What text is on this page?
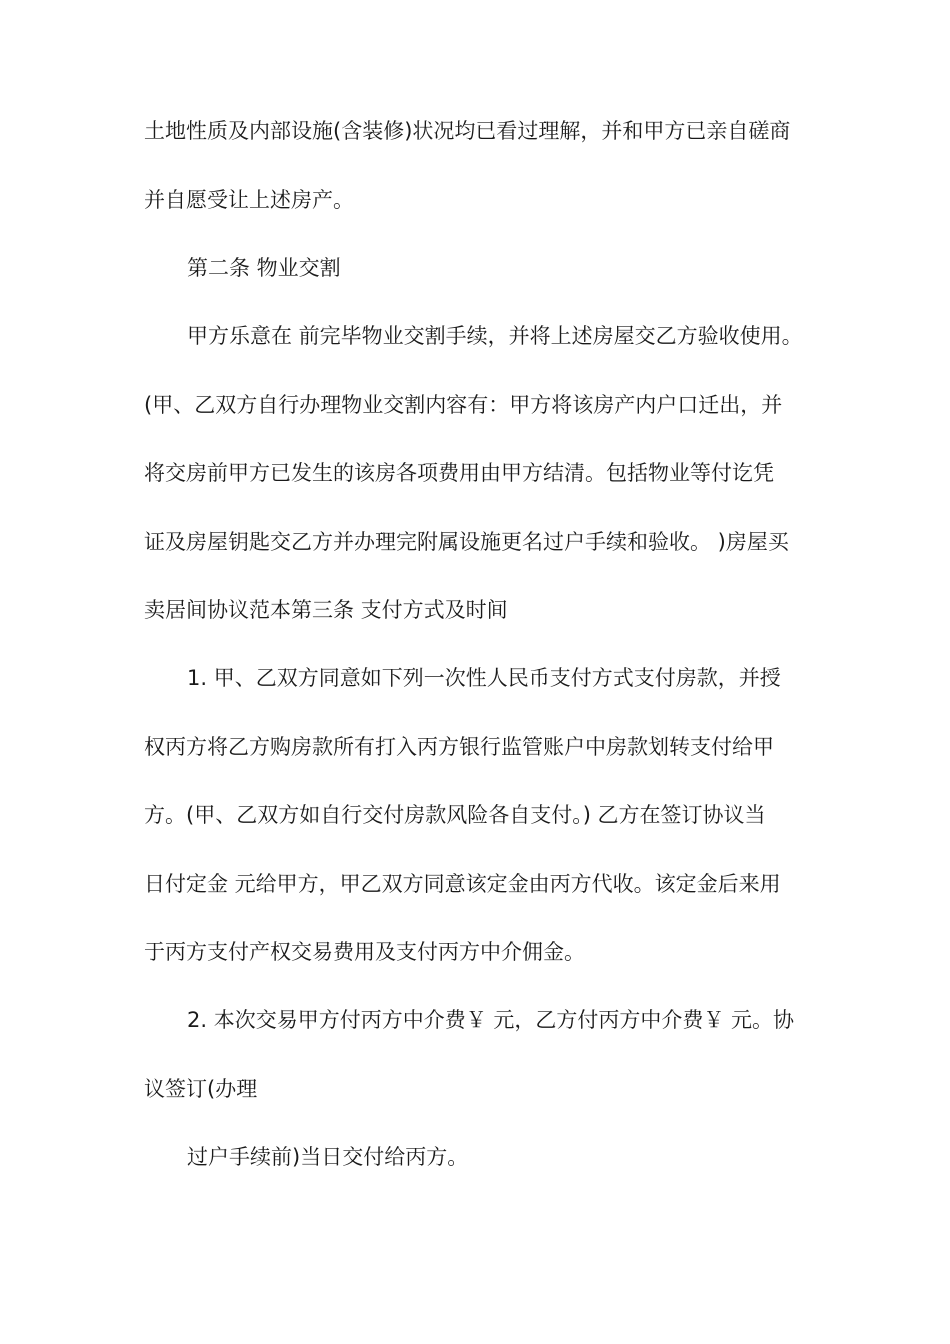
土地性质及内部设施(含装修)状况均已看过理解，并和甲方已亲自磋商
并自愿受让上述房产。
第二条 物业交割
甲方乐意在 前完毕物业交割手续，并将上述房屋交乙方验收使用。
(甲、乙双方自行办理物业交割内容有：甲方将该房产内户口迁出，并
将交房前甲方已发生的该房各项费用由甲方结清。包括物业等付讫凭
证及房屋钥匙交乙方并办理完附属设施更名过户手续和验收。 )房屋买
卖居间协议范本第三条 支付方式及时间
1. 甲、乙双方同意如下列一次性人民币支付方式支付房款，并授
权丙方将乙方购房款所有打入丙方银行监管账户中房款划转支付给甲
方。(甲、乙双方如自行交付房款风险各自支付。) 乙方在签订协议当
日付定金 元给甲方，甲乙双方同意该定金由丙方代收。该定金后来用
于丙方支付产权交易费用及支付丙方中介佣金。
2. 本次交易甲方付丙方中介费￥ 元，乙方付丙方中介费￥ 元。协
议签订(办理
过户手续前)当日交付给丙方。
